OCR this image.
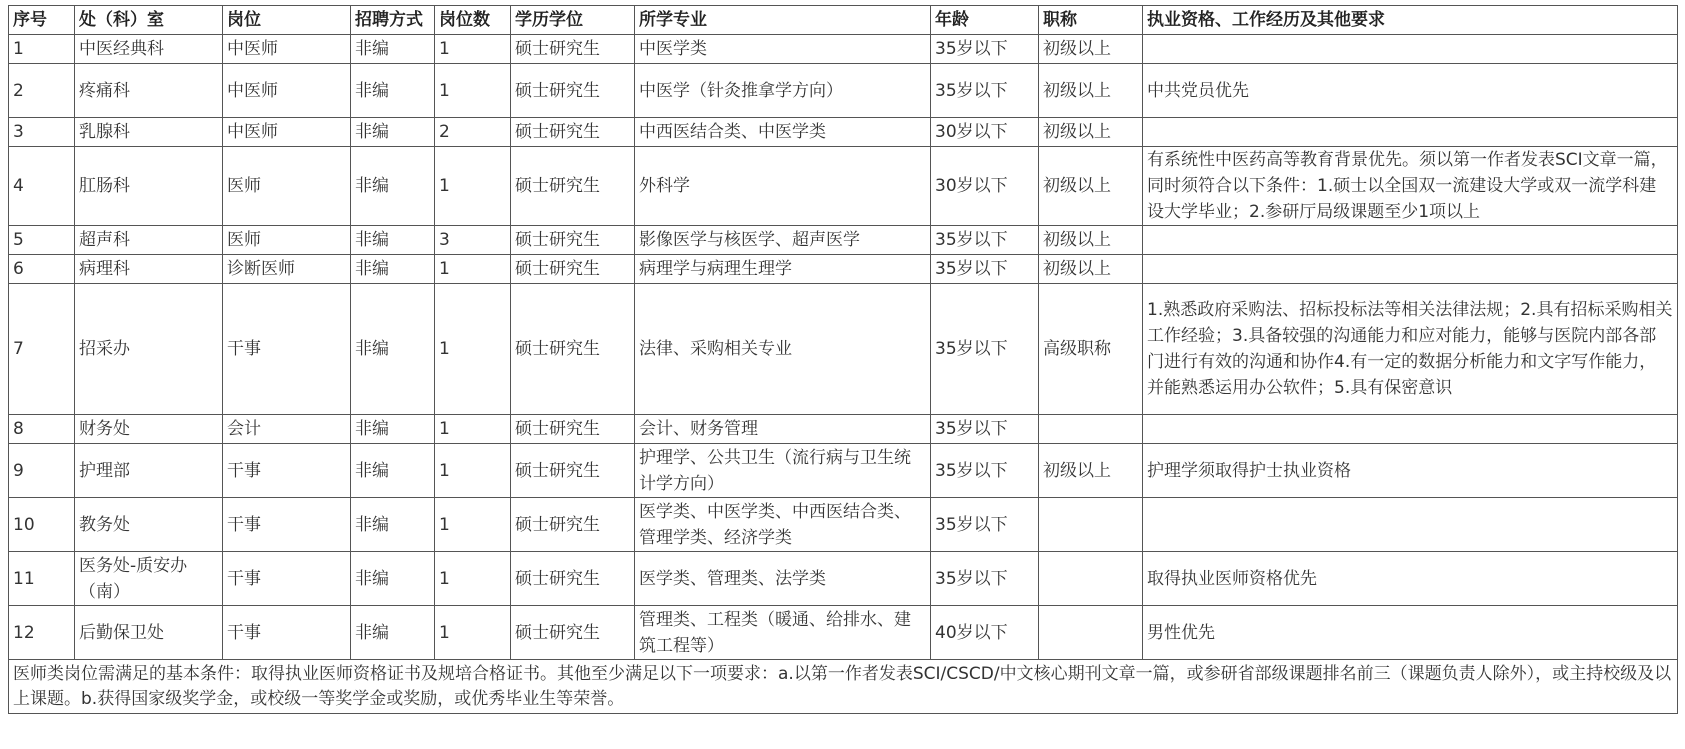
序号	处（科）室	岗位	招聘方式	岗位数	学历学位	所学专业	年龄	职称	执业资格、工作经历及其他要求
1	中医经典科	中医师	非编	1	硕士研究生	中医学类	35岁以下	初级以上	
2	疼痛科	中医师	非编	1	硕士研究生	中医学（针灸推拿学方向）	35岁以下	初级以上	中共党员优先
3	乳腺科	中医师	非编	2	硕士研究生	中西医结合类、中医学类	30岁以下	初级以上	
4	肛肠科	医师	非编	1	硕士研究生	外科学	30岁以下	初级以上	有系统性中医药高等教育背景优先。须以第一作者发表SCI文章一篇，同时须符合以下条件：1.硕士以全国双一流建设大学或双一流学科建设大学毕业；2.参研厅局级课题至少1项以上
5	超声科	医师	非编	3	硕士研究生	影像医学与核医学、超声医学	35岁以下	初级以上	
6	病理科	诊断医师	非编	1	硕士研究生	病理学与病理生理学	35岁以下	初级以上	
7	招采办	干事	非编	1	硕士研究生	法律、采购相关专业	35岁以下	高级职称	1.熟悉政府采购法、招标投标法等相关法律法规；2.具有招标采购相关工作经验；3.具备较强的沟通能力和应对能力，能够与医院内部各部门进行有效的沟通和协作4.有一定的数据分析能力和文字写作能力，并能熟悉运用办公软件；5.具有保密意识
8	财务处	会计	非编	1	硕士研究生	会计、财务管理	35岁以下		
9	护理部	干事	非编	1	硕士研究生	护理学、公共卫生（流行病与卫生统计学方向）	35岁以下	初级以上	护理学须取得护士执业资格
10	教务处	干事	非编	1	硕士研究生	医学类、中医学类、中西医结合类、管理学类、经济学类	35岁以下		
11	医务处-质安办（南）	干事	非编	1	硕士研究生	医学类、管理类、法学类	35岁以下		取得执业医师资格优先
12	后勤保卫处	干事	非编	1	硕士研究生	管理类、工程类（暖通、给排水、建筑工程等）	40岁以下		男性优先
医师类岗位需满足的基本条件：取得执业医师资格证书及规培合格证书。其他至少满足以下一项要求：a.以第一作者发表SCI/CSCD/中文核心期刊文章一篇，或参研省部级课题排名前三（课题负责人除外），或主持校级及以上课题。b.获得国家级奖学金，或校级一等奖学金或奖励，或优秀毕业生等荣誉。									
